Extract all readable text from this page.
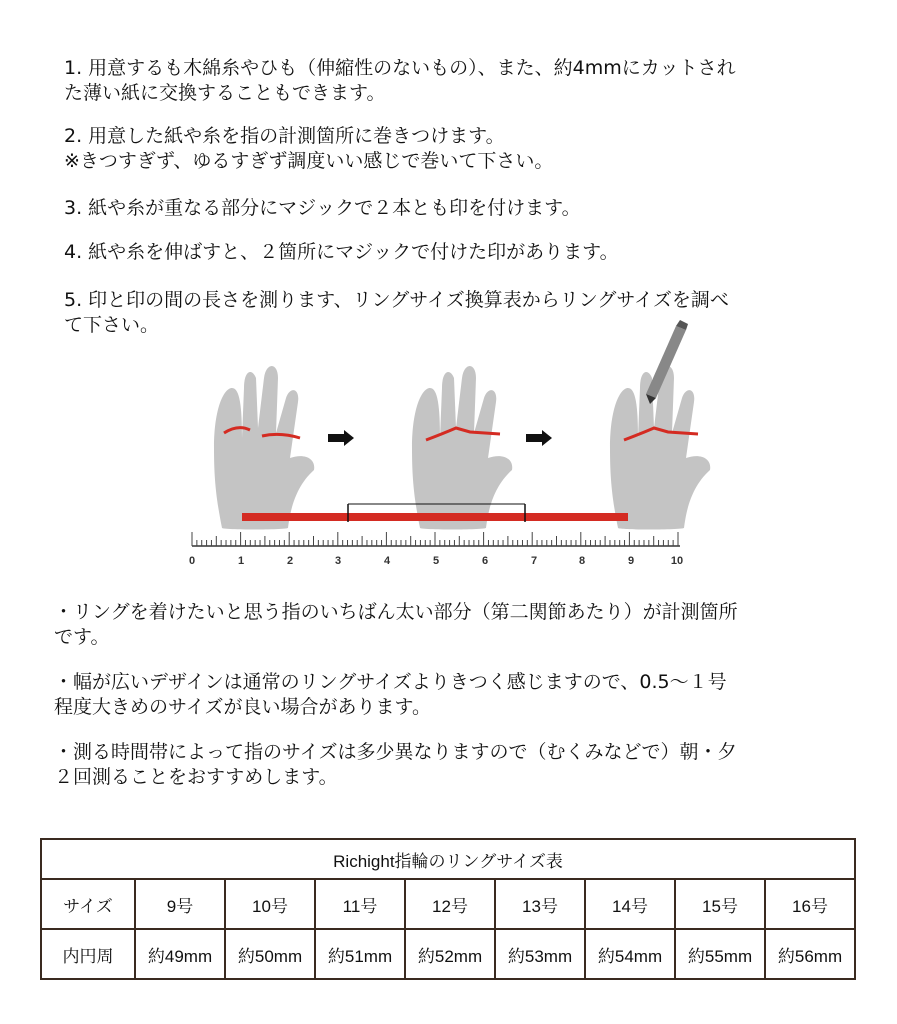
1. 用意するも木綿糸やひも（伸縮性のないもの）、また、約4mmにカットされ
た薄い紙に交換することもできます。

2. 用意した紙や糸を指の計測箇所に巻きつけます。
※きつすぎず、ゆるすぎず調度いい感じで巻いて下さい。

3. 紙や糸が重なる部分にマジックで２本とも印を付けます。

4. 紙や糸を伸ばすと、２箇所にマジックで付けた印があります。

5. 印と印の間の長さを測ります、リングサイズ換算表からリングサイズを調べ
て下さい。

0	1	2	3	4	5	6	7	8	9	10

・リングを着けたいと思う指のいちばん太い部分（第二関節あたり）が計測箇所
です。

・幅が広いデザインは通常のリングサイズよりきつく感じますので、0.5～１号
程度大きめのサイズが良い場合があります。

・測る時間帯によって指のサイズは多少異なりますので（むくみなどで）朝・夕
２回測ることをおすすめします。

Richight指輪のリングサイズ表								
サイズ	9号	10号	11号	12号	13号	14号	15号	16号
内円周	約49mm	約50mm	約51mm	約52mm	約53mm	約54mm	約55mm	約56mm
